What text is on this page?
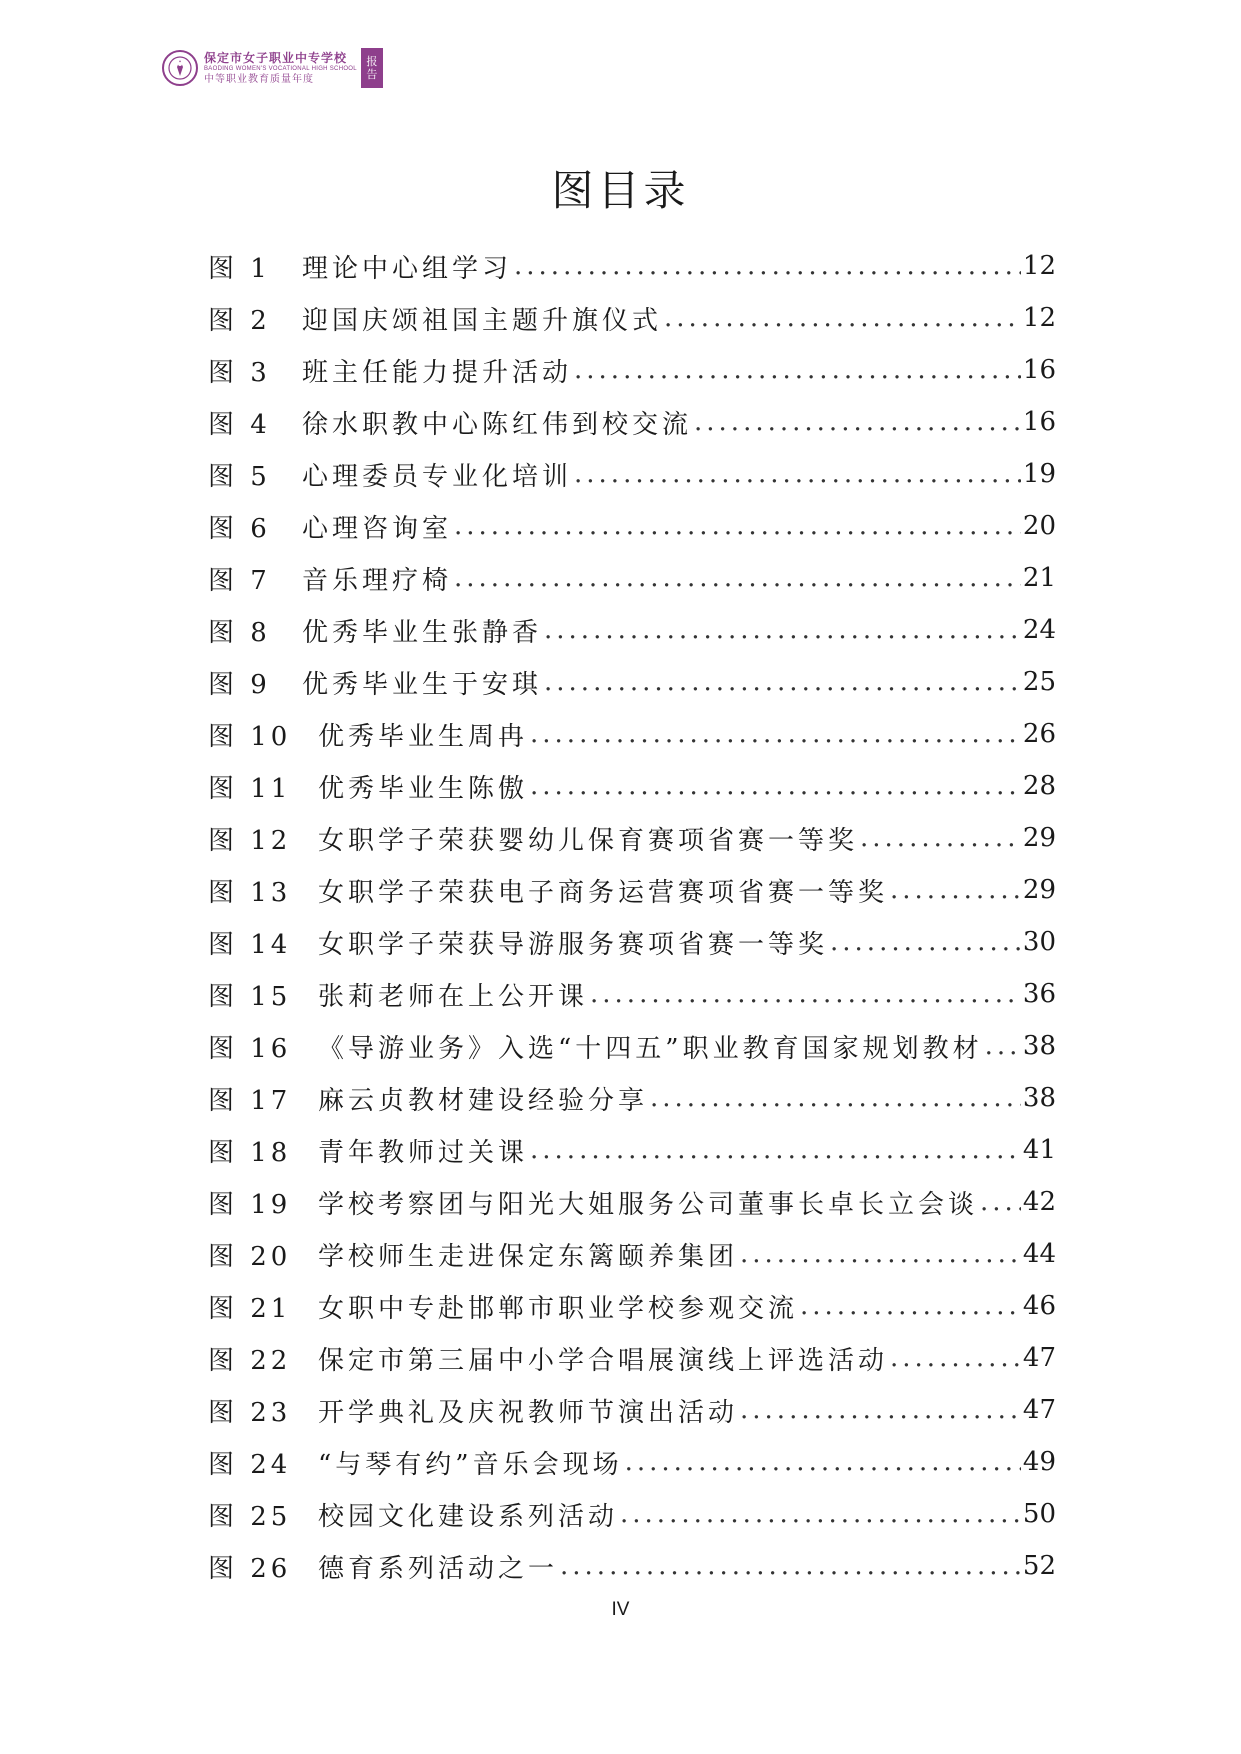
保定市女子职业中专学校
BAODING WOMEN'S VOCATIONAL HIGH SCHOOL
中等职业教育质量年度
报
告
图目录
图 1	理论中心组学习 .....	12
图 2	迎国庆颂祖国主题升旗仪式 .....	12
图 3	班主任能力提升活动 .....	16
图 4	徐水职教中心陈红伟到校交流 .....	16
图 5	心理委员专业化培训 .....	19
图 6	心理咨询室 .....	20
图 7	音乐理疗椅 .....	21
图 8	优秀毕业生张静香 .....	24
图 9	优秀毕业生于安琪 .....	25
图 10	优秀毕业生周冉 .....	26
图 11	优秀毕业生陈傲 .....	28
图 12	女职学子荣获婴幼儿保育赛项省赛一等奖 .....	29
图 13	女职学子荣获电子商务运营赛项省赛一等奖 .....	29
图 14	女职学子荣获导游服务赛项省赛一等奖 .....	30
图 15	张莉老师在上公开课 .....	36
图 16	《导游业务》入选“十四五”职业教育国家规划教材 ..... 38
图 17	麻云贞教材建设经验分享 .....	38
图 18	青年教师过关课 .....	41
图 19	学校考察团与阳光大姐服务公司董事长卓长立会谈 ..... 42
图 20	学校师生走进保定东篱颐养集团 .....	44
图 21	女职中专赴邯郸市职业学校参观交流 .....	46
图 22	保定市第三届中小学合唱展演线上评选活动 .....	47
图 23	开学典礼及庆祝教师节演出活动 .....	47
图 24	“与琴有约”音乐会现场 .....	49
图 25	校园文化建设系列活动 .....	50
图 26	德育系列活动之一 .....	52
IV
